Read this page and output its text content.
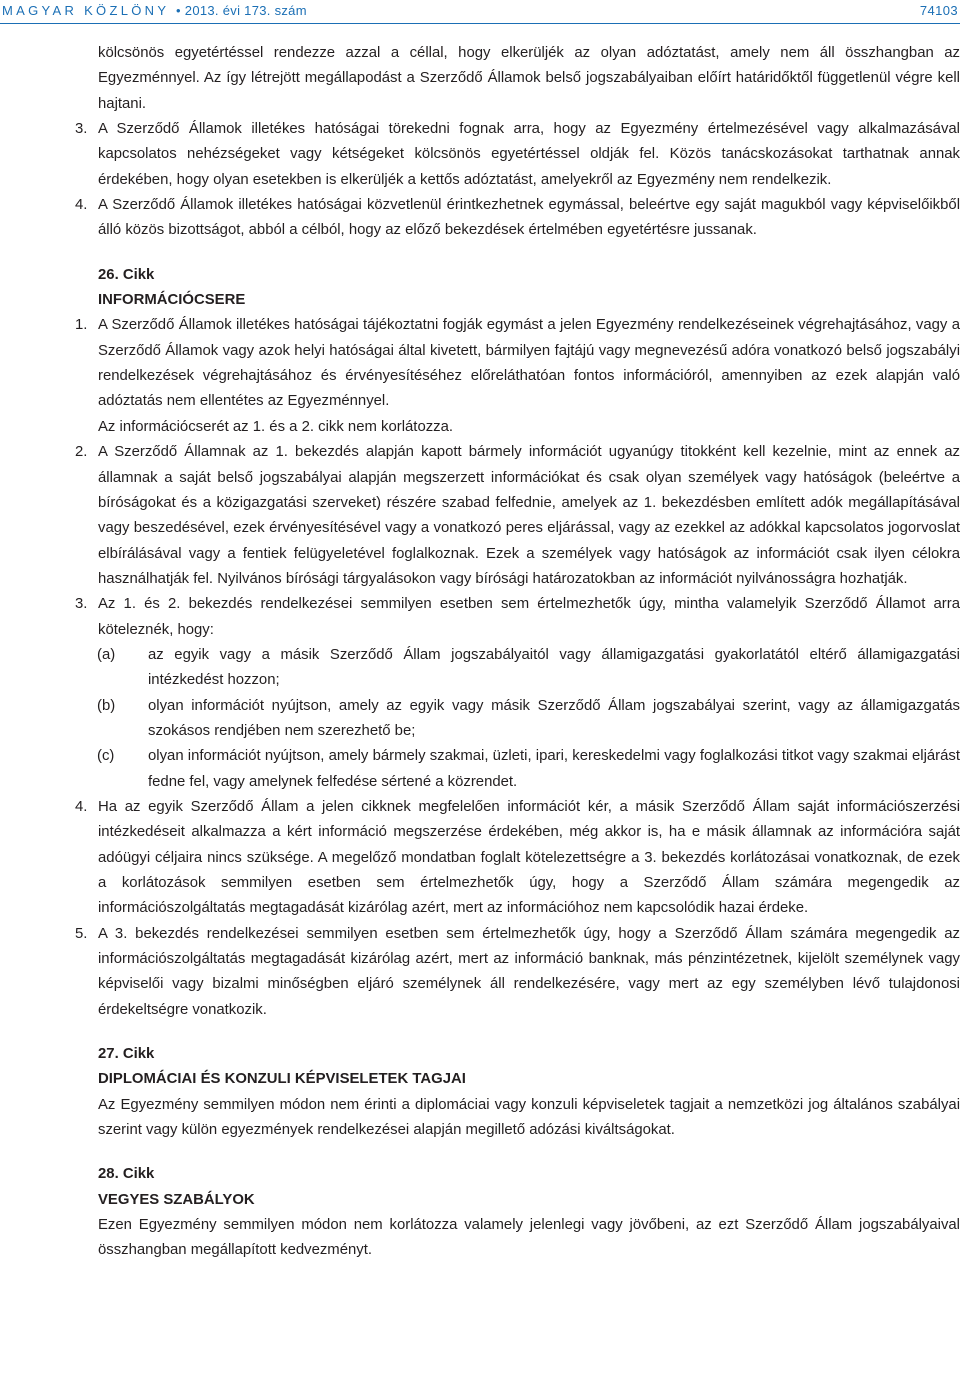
MAGYAR KÖZLÖNY • 2013. évi 173. szám	74103

kölcsönös egyetértéssel rendezze azzal a céllal, hogy elkerüljék az olyan adóztatást, amely nem áll összhangban az Egyezménnyel. Az így létrejött megállapodást a Szerződő Államok belső jogszabályaiban előírt határidőktől függetlenül végre kell hajtani.

3. A Szerződő Államok illetékes hatóságai törekedni fognak arra, hogy az Egyezmény értelmezésével vagy alkalmazásával kapcsolatos nehézségeket vagy kétségeket kölcsönös egyetértéssel oldják fel. Közös tanácskozásokat tarthatnak annak érdekében, hogy olyan esetekben is elkerüljék a kettős adóztatást, amelyekről az Egyezmény nem rendelkezik.

4. A Szerződő Államok illetékes hatóságai közvetlenül érintkezhetnek egymással, beleértve egy saját magukból vagy képviselőikből álló közös bizottságot, abból a célból, hogy az előző bekezdések értelmében egyetértésre jussanak.

26. Cikk

INFORMÁCIÓCSERE

1. A Szerződő Államok illetékes hatóságai tájékoztatni fogják egymást a jelen Egyezmény rendelkezéseinek végrehajtásához, vagy a Szerződő Államok vagy azok helyi hatóságai által kivetett, bármilyen fajtájú vagy megnevezésű adóra vonatkozó belső jogszabályi rendelkezések végrehajtásához és érvényesítéséhez előreláthatóan fontos információról, amennyiben az ezek alapján való adóztatás nem ellentétes az Egyezménnyel.

Az információcserét az 1. és a 2. cikk nem korlátozza.

2. A Szerződő Államnak az 1. bekezdés alapján kapott bármely információt ugyanúgy titokként kell kezelnie, mint az ennek az államnak a saját belső jogszabályai alapján megszerzett információkat és csak olyan személyek vagy hatóságok (beleértve a bíróságokat és a közigazgatási szerveket) részére szabad felfednie, amelyek az 1. bekezdésben említett adók megállapításával vagy beszedésével, ezek érvényesítésével vagy a vonatkozó peres eljárással, vagy az ezekkel az adókkal kapcsolatos jogorvoslat elbírálásával vagy a fentiek felügyeletével foglalkoznak. Ezek a személyek vagy hatóságok az információt csak ilyen célokra használhatják fel. Nyilvános bírósági tárgyalásokon vagy bírósági határozatokban az információt nyilvánosságra hozhatják.

3. Az 1. és 2. bekezdés rendelkezései semmilyen esetben sem értelmezhetők úgy, mintha valamelyik Szerződő Államot arra köteleznék, hogy:

(a) az egyik vagy a másik Szerződő Állam jogszabályaitól vagy államigazgatási gyakorlatától eltérő államigazgatási intézkedést hozzon;

(b) olyan információt nyújtson, amely az egyik vagy másik Szerződő Állam jogszabályai szerint, vagy az államigazgatás szokásos rendjében nem szerezhető be;

(c) olyan információt nyújtson, amely bármely szakmai, üzleti, ipari, kereskedelmi vagy foglalkozási titkot vagy szakmai eljárást fedne fel, vagy amelynek felfedése sértené a közrendet.

4. Ha az egyik Szerződő Állam a jelen cikknek megfelelően információt kér, a másik Szerződő Állam saját információszerzési intézkedéseit alkalmazza a kért információ megszerzése érdekében, még akkor is, ha e másik államnak az információra saját adóügyi céljaira nincs szüksége. A megelőző mondatban foglalt kötelezettségre a 3. bekezdés korlátozásai vonatkoznak, de ezek a korlátozások semmilyen esetben sem értelmezhetők úgy, hogy a Szerződő Állam számára megengedik az információszolgáltatás megtagadását kizárólag azért, mert az információhoz nem kapcsolódik hazai érdeke.

5. A 3. bekezdés rendelkezései semmilyen esetben sem értelmezhetők úgy, hogy a Szerződő Állam számára megengedik az információszolgáltatás megtagadását kizárólag azért, mert az információ banknak, más pénzintézetnek, kijelölt személynek vagy képviselői vagy bizalmi minőségben eljáró személynek áll rendelkezésére, vagy mert az egy személyben lévő tulajdonosi érdekeltségre vonatkozik.

27. Cikk

DIPLOMÁCIAI ÉS KONZULI KÉPVISELETEK TAGJAI

Az Egyezmény semmilyen módon nem érinti a diplomáciai vagy konzuli képviseletek tagjait a nemzetközi jog általános szabályai szerint vagy külön egyezmények rendelkezései alapján megillető adózási kiváltságokat.

28. Cikk

VEGYES SZABÁLYOK

Ezen Egyezmény semmilyen módon nem korlátozza valamely jelenlegi vagy jövőbeni, az ezt Szerződő Állam jogszabályaival összhangban megállapított kedvezményt.
